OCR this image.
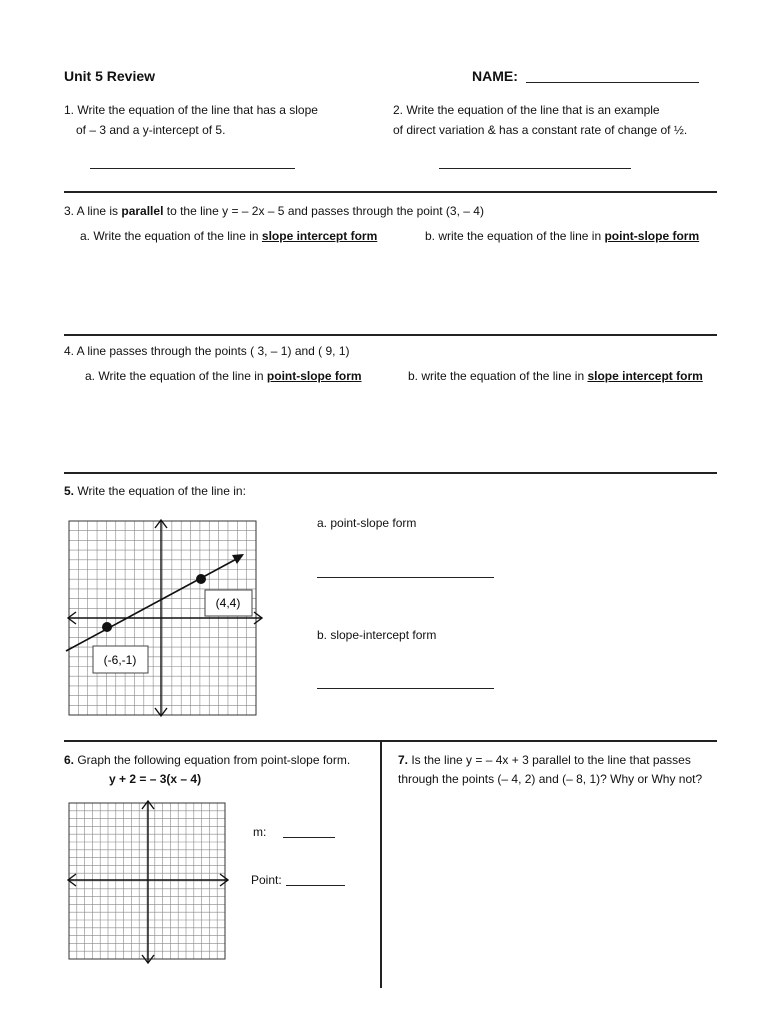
Unit 5 Review	NAME:
1. Write the equation of the line that has a slope
of – 3 and a y-intercept of 5.
2. Write the equation of the line that is an example
of direct variation & has a constant rate of change of ½.
3. A line is parallel to the line y = – 2x – 5 and passes through the point (3, – 4)
a. Write the equation of the line in slope intercept form	b. write the equation of the line in point-slope form
4. A line passes through the points ( 3, – 1) and ( 9, 1)
a. Write the equation of the line in point-slope form	b. write the equation of the line in slope intercept form
5. Write the equation of the line in:
(4,4)
(-6,-1)
a. point-slope form
b. slope-intercept form
6. Graph the following equation from point-slope form.
y + 2 = – 3(x – 4)
m:
Point:
7. Is the line y = – 4x + 3 parallel to the line that passes
through the points (– 4, 2) and (– 8, 1)? Why or Why not?
